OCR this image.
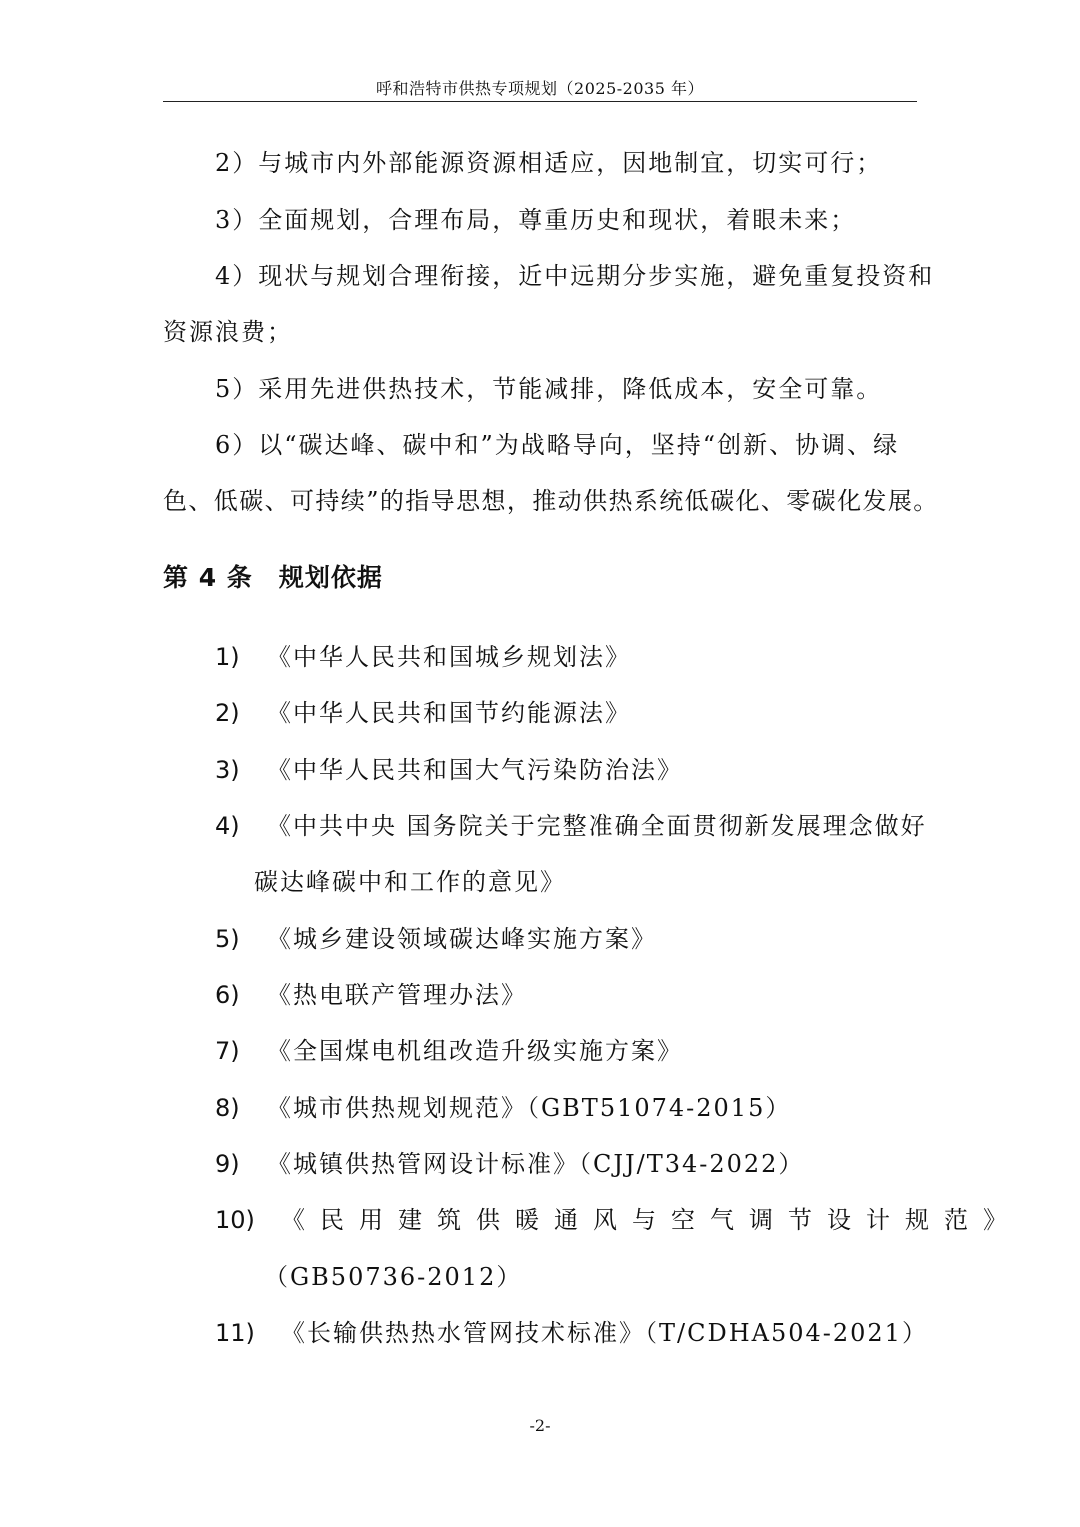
呼和浩特市供热专项规划（2025-2035 年）
2）与城市内外部能源资源相适应，因地制宜，切实可行；
3）全面规划，合理布局，尊重历史和现状，着眼未来；
4）现状与规划合理衔接，近中远期分步实施，避免重复投资和
资源浪费；
5）采用先进供热技术，节能减排，降低成本，安全可靠。
6）以“碳达峰、碳中和”为战略导向，坚持“创新、协调、绿
色、低碳、可持续”的指导思想，推动供热系统低碳化、零碳化发展。
第 4 条 规划依据
1) 《中华人民共和国城乡规划法》
2) 《中华人民共和国节约能源法》
3) 《中华人民共和国大气污染防治法》
4) 《中共中央 国务院关于完整准确全面贯彻新发展理念做好
碳达峰碳中和工作的意见》
5) 《城乡建设领域碳达峰实施方案》
6) 《热电联产管理办法》
7) 《全国煤电机组改造升级实施方案》
8) 《城市供热规划规范》（GBT51074-2015）
9) 《城镇供热管网设计标准》（CJJ/T34-2022）
10) 《民用建筑供暖通风与空气调节设计规范》
（GB50736-2012）
11) 《长输供热热水管网技术标准》（T/CDHA504-2021）
-2-
